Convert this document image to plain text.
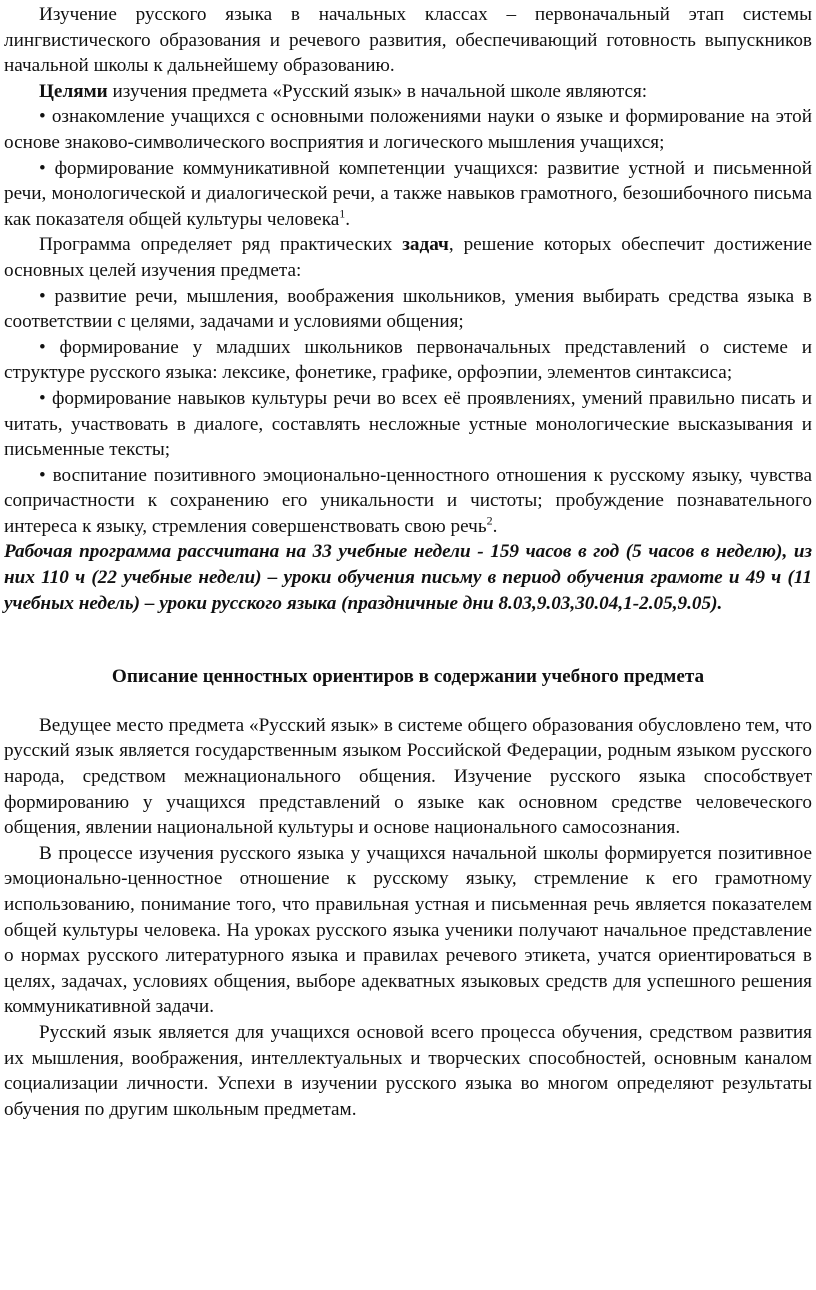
Изучение русского языка в начальных классах – первоначальный этап системы лингвистического образования и речевого развития, обеспечивающий готовность выпускников начальной школы к дальнейшему образованию.

Целями изучения предмета «Русский язык» в начальной школе являются:

• ознакомление учащихся с основными положениями науки о языке и формирование на этой основе знаково-символического восприятия и логического мышления учащихся;

• формирование коммуникативной компетенции учащихся: развитие устной и письменной речи, монологической и диалогической речи, а также навыков грамотного, безошибочного письма как показателя общей культуры человека$^1$.

Программа определяет ряд практических задач, решение которых обеспечит достижение основных целей изучения предмета:

• развитие речи, мышления, воображения школьников, умения выбирать средства языка в соответствии с целями, задачами и условиями общения;

• формирование у младших школьников первоначальных представлений о системе и структуре русского языка: лексике, фонетике, графике, орфоэпии, элементов синтаксиса;

• формирование навыков культуры речи во всех её проявлениях, умений правильно писать и читать, участвовать в диалоге, составлять несложные устные монологические высказывания и письменные тексты;

• воспитание позитивного эмоционально-ценностного отношения к русскому языку, чувства сопричастности к сохранению его уникальности и чистоты; пробуждение познавательного интереса к языку, стремления совершенствовать свою речь$^2$.

Рабочая программа рассчитана на 33 учебные недели - 159 часов в год (5 часов в неделю), из них 110 ч (22 учебные недели) – уроки обучения письму в период обучения грамоте и 49 ч (11 учебных недель) – уроки русского языка (праздничные дни 8.03,9.03,30.04,1-2.05,9.05).

Описание ценностных ориентиров в содержании учебного предмета

Ведущее место предмета «Русский язык» в системе общего образования обусловлено тем, что русский язык является государственным языком Российской Федерации, родным языком русского народа, средством межнационального общения. Изучение русского языка способствует формированию у учащихся представлений о языке как основном средстве человеческого общения, явлении национальной культуры и основе национального самосознания.

В процессе изучения русского языка у учащихся начальной школы формируется позитивное эмоционально-ценностное отношение к русскому языку, стремление к его грамотному использованию, понимание того, что правильная устная и письменная речь является показателем общей культуры человека. На уроках русского языка ученики получают начальное представление о нормах русского литературного языка и правилах речевого этикета, учатся ориентироваться в целях, задачах, условиях общения, выборе адекватных языковых средств для успешного решения коммуникативной задачи.

Русский язык является для учащихся основой всего процесса обучения, средством развития их мышления, воображения, интеллектуальных и творческих способностей, основным каналом социализации личности. Успехи в изучении русского языка во многом определяют результаты обучения по другим школьным предметам.
